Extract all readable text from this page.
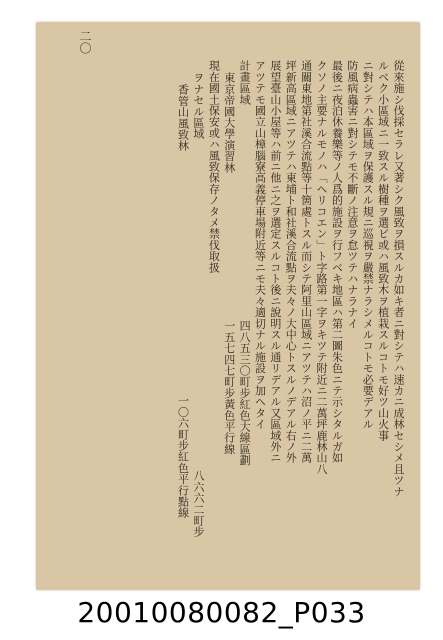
二〇
從來施シ伐採セラレ又著シク風致ヲ損スルカ如キ者ニ對シテハ速カニ成林セシメ且ツナ
ルベク小區域ニ一致スル樹種ヲ選ビ或ハ風致木ヲ植栽スルコトモ好ツ山火事
ニ對シテハ本區域ヲ保護スル規ニ巡視ヲ嚴禁ナラシメルコトモ必要デアル
防風病蟲害ニ對シテモ不斷ノ注意ヲ怠ツテハナラナイ
最後ニ夜泊休養樂等ノ人爲的施設ヲ行フベキ地區ハ第二圖朱色ニテ示シタルガ如
クソノ主要ナルモノハ「ヘリコエン」ト字路第一字ヲキツテ附近ニ二萬坪鹿林山八
通關東地第社溪合流點等十箇處トスル而シテ阿里山區域ニアツテハ沼ノ平ニ二萬
坪新高區域ニアツテハ東埔ト和社溪合流點ヲ夫々ノ大中心トスルノデアル右ノ外
展望臺山小屋等ハ前ニ他ニ之ヲ選定スルコト後ニ說明スル通リデアル又區域外ニ
アツテモ國立山樟腦寮高義停車場附近等ニモ夫々適切ナル施設ヲ加ヘタイ
計畫區域
四八五三〇町步紅色大線區劃
東京帝國大學演習林
一五七四七町步黃色平行線
現在國土保安或ハ風致保存ノタメ禁伐取扱
ヲナセル區域
八六六二町步
香管山風致林
一〇六町步紅色平行點線
20010080082_P033
